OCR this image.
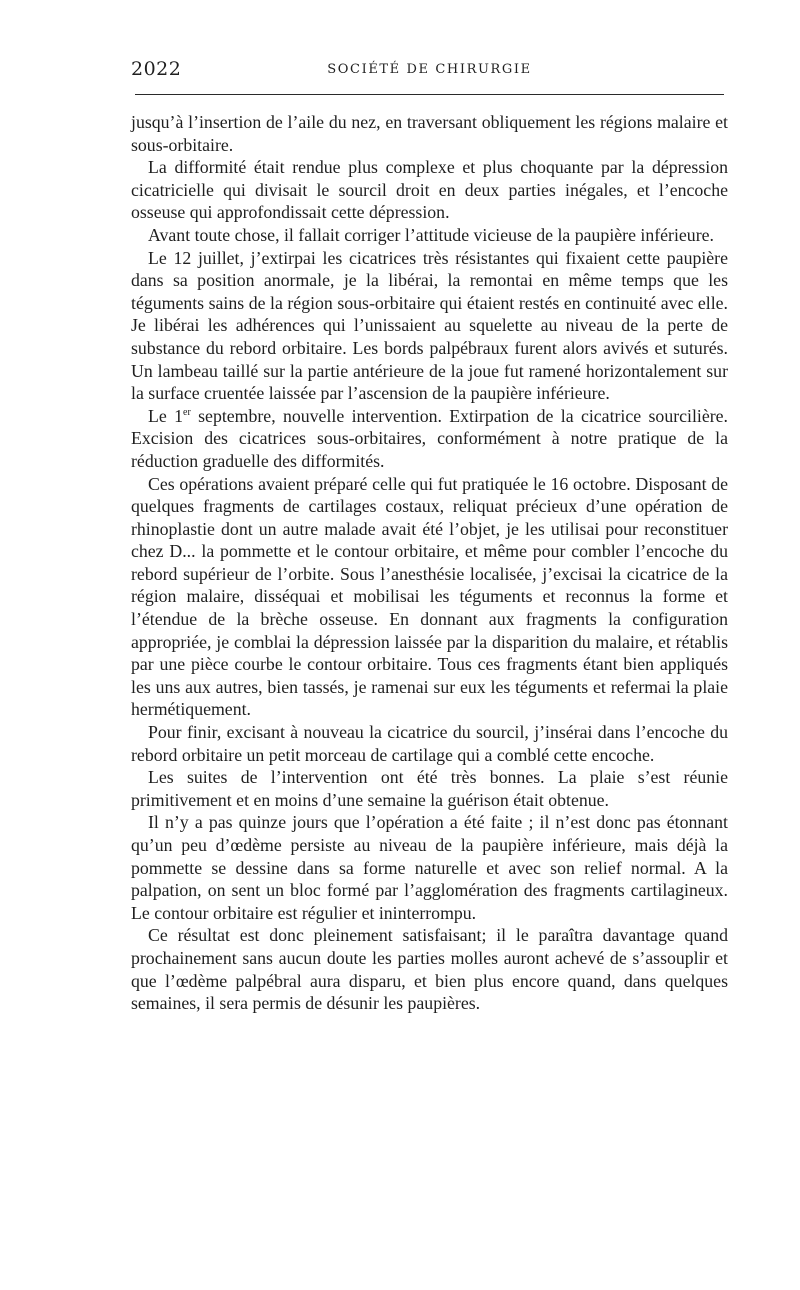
2022	SOCIÉTÉ DE CHIRURGIE

jusqu’à l’insertion de l’aile du nez, en traversant obliquement les régions malaire et sous-orbitaire.

La difformité était rendue plus complexe et plus choquante par la dépression cicatricielle qui divisait le sourcil droit en deux parties inégales, et l’encoche osseuse qui approfondissait cette dépression.

Avant toute chose, il fallait corriger l’attitude vicieuse de la paupière inférieure.

Le 12 juillet, j’extirpai les cicatrices très résistantes qui fixaient cette paupière dans sa position anormale, je la libérai, la remontai en même temps que les téguments sains de la région sous-orbitaire qui étaient restés en continuité avec elle. Je libérai les adhérences qui l’unissaient au squelette au niveau de la perte de substance du rebord orbitaire. Les bords palpébraux furent alors avivés et suturés. Un lambeau taillé sur la partie antérieure de la joue fut ramené horizontalement sur la surface cruentée laissée par l’ascension de la paupière inférieure.

Le 1er septembre, nouvelle intervention. Extirpation de la cicatrice sourcilière. Excision des cicatrices sous-orbitaires, conformément à notre pratique de la réduction graduelle des difformités.

Ces opérations avaient préparé celle qui fut pratiquée le 16 octobre. Disposant de quelques fragments de cartilages costaux, reliquat précieux d’une opération de rhinoplastie dont un autre malade avait été l’objet, je les utilisai pour reconstituer chez D... la pommette et le contour orbitaire, et même pour combler l’encoche du rebord supérieur de l’orbite. Sous l’anesthésie localisée, j’excisai la cicatrice de la région malaire, disséquai et mobilisai les téguments et reconnus la forme et l’étendue de la brèche osseuse. En donnant aux fragments la configuration appropriée, je comblai la dépression laissée par la disparition du malaire, et rétablis par une pièce courbe le contour orbitaire. Tous ces fragments étant bien appliqués les uns aux autres, bien tassés, je ramenai sur eux les téguments et refermai la plaie hermétiquement.

Pour finir, excisant à nouveau la cicatrice du sourcil, j’insérai dans l’encoche du rebord orbitaire un petit morceau de cartilage qui a comblé cette encoche.

Les suites de l’intervention ont été très bonnes. La plaie s’est réunie primitivement et en moins d’une semaine la guérison était obtenue.

Il n’y a pas quinze jours que l’opération a été faite ; il n’est donc pas étonnant qu’un peu d’œdème persiste au niveau de la paupière inférieure, mais déjà la pommette se dessine dans sa forme naturelle et avec son relief normal. A la palpation, on sent un bloc formé par l’agglomération des fragments cartilagineux. Le contour orbitaire est régulier et ininterrompu.

Ce résultat est donc pleinement satisfaisant; il le paraîtra davantage quand prochainement sans aucun doute les parties molles auront achevé de s’assouplir et que l’œdème palpébral aura disparu, et bien plus encore quand, dans quelques semaines, il sera permis de désunir les paupières.
